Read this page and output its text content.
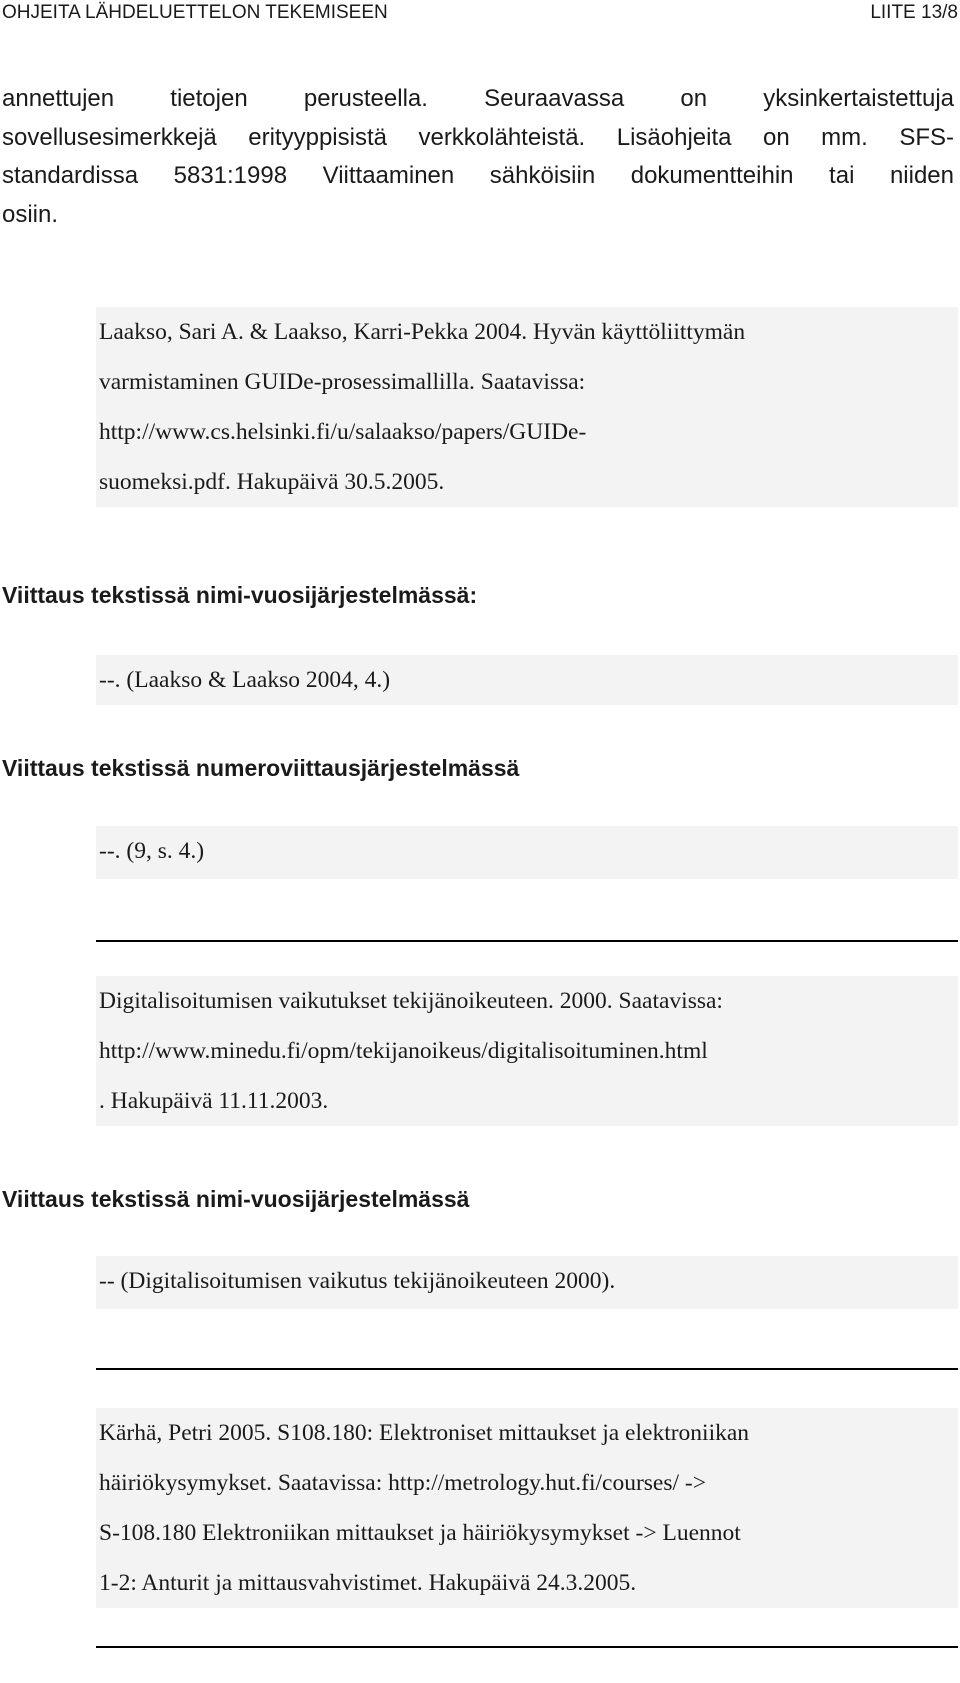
OHJEITA LÄHDELUETTELON TEKEMISEEN	LIITE 13/8
annettujen tietojen perusteella. Seuraavassa on yksinkertaistettuja
sovellusesimerkkejä erityyppisistä verkkolähteistä. Lisäohjeita on mm. SFS-
standardissa 5831:1998 Viittaaminen sähköisiin dokumentteihin tai niiden
osiin.
Laakso, Sari A. & Laakso, Karri-Pekka 2004. Hyvän käyttöliittymän
varmistaminen GUIDe-prosessimallilla. Saatavissa:
http://www.cs.helsinki.fi/u/salaakso/papers/GUIDe-
suomeksi.pdf. Hakupäivä 30.5.2005.
Viittaus tekstissä nimi-vuosijärjestelmässä:
--. (Laakso & Laakso 2004, 4.)
Viittaus tekstissä numeroviittausjärjestelmässä
--. (9, s. 4.)
Digitalisoitumisen vaikutukset tekijänoikeuteen. 2000. Saatavissa:
http://www.minedu.fi/opm/tekijanoikeus/digitalisoituminen.html
. Hakupäivä 11.11.2003.
Viittaus tekstissä nimi-vuosijärjestelmässä
-- (Digitalisoitumisen vaikutus tekijänoikeuteen 2000).
Kärhä, Petri 2005. S108.180: Elektroniset mittaukset ja elektroniikan
häiriökysymykset. Saatavissa: http://metrology.hut.fi/courses/ ->
S-108.180 Elektroniikan mittaukset ja häiriökysymykset -> Luennot
1-2: Anturit ja mittausvahvistimet. Hakupäivä 24.3.2005.
